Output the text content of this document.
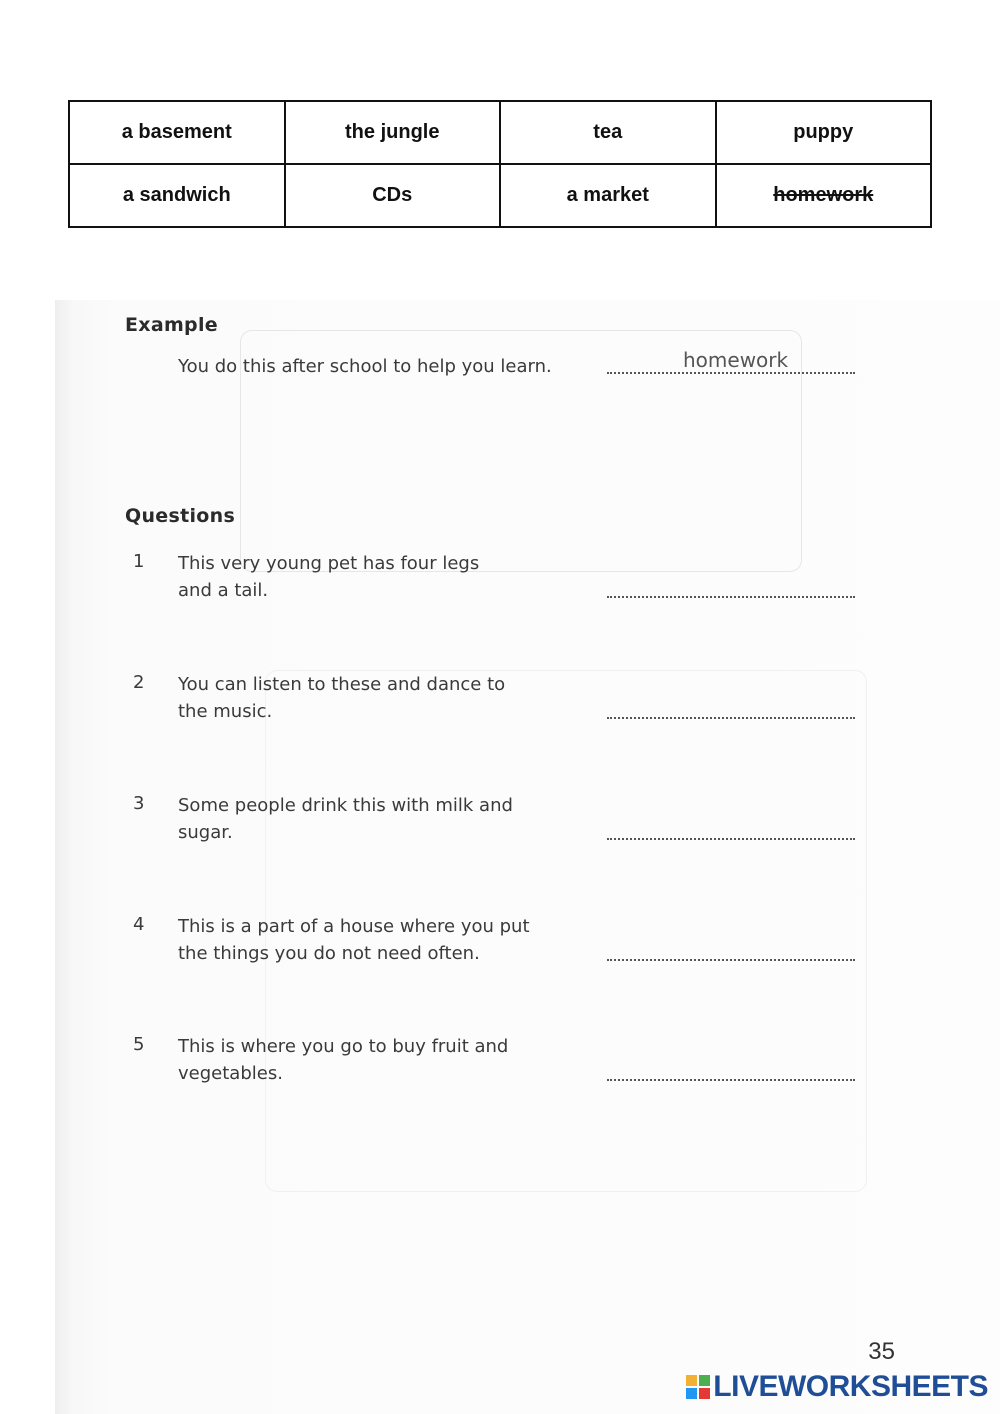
a basement	the jungle	tea	puppy
a sandwich	CDs	a market	homework
Example
You do this after school to help you learn.	homework
Questions
1 This very young pet has four legs
and a tail.
2 You can listen to these and dance to
the music.
3 Some people drink this with milk and
sugar.
4 This is a part of a house where you put
the things you do not need often.
5 This is where you go to buy fruit and
vegetables.
35
LIVEWORKSHEETS
